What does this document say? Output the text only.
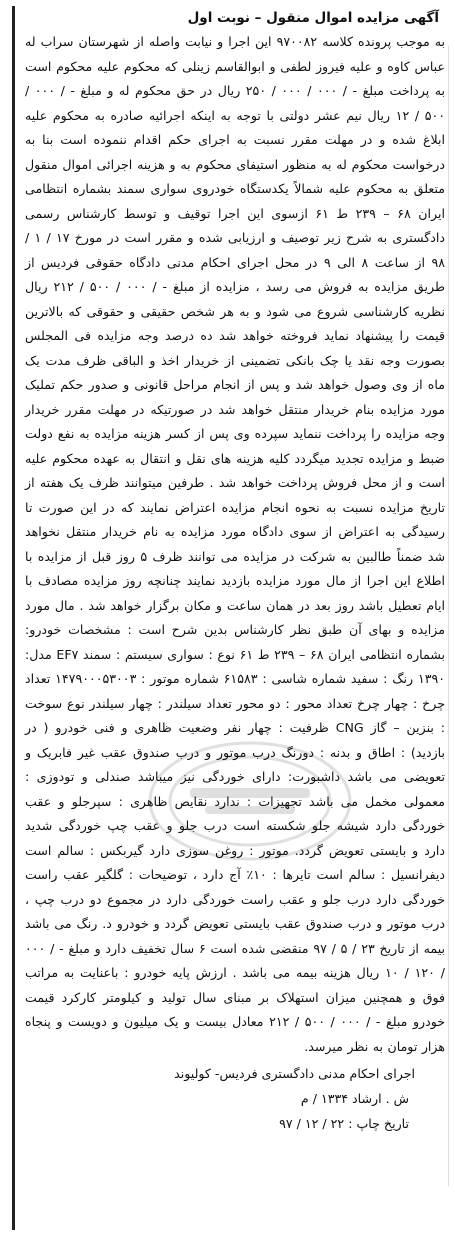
آگهی مزایده اموال منقول – نوبت اول

به موجب پرونده کلاسه ۹۷۰۰۸۲ این اجرا و نیابت واصله از شهرستان سراب له عباس کاوه و علیه فیروز لطفی و ابوالقاسم زینلی که محکوم علیه محکوم است به پرداخت مبلغ - / ۰۰۰ / ۰۰۰ / ۲۵۰ ریال در حق محکوم له و مبلغ - / ۰۰۰ / ۵۰۰ / ۱۲ ریال نیم عشر دولتی با توجه به اینکه اجرائیه صادره به محکوم علیه ابلاغ شده و در مهلت مقرر نسبت به اجرای حکم اقدام ننموده است بنا به درخواست محکوم له به منظور استیفای محکوم به و هزینه اجرائی اموال منقول متعلق به محکوم علیه شمالاً یکدستگاه خودروی سواری سمند بشماره انتظامی ایران ۶۸ – ۲۳۹ ط ۶۱ ازسوی این اجرا توقیف و توسط کارشناس رسمی دادگستری به شرح زیر توصیف و ارزیابی شده و مقرر است در مورخ ۱۷ / ۱ / ۹۸ از ساعت ۸ الی ۹ در محل اجرای احکام مدنی دادگاه حقوقی فردیس از طریق مزایده به فروش می رسد ، مزایده از مبلغ - / ۰۰۰ / ۵۰۰ / ۲۱۲ ریال نظریه کارشناسی شروع می شود و به هر شخص حقیقی و حقوقی که بالاترین قیمت را پیشنهاد نماید فروخته خواهد شد ده درصد وجه مزایده فی المجلس بصورت وجه نقد یا چک بانکی تضمینی از خریدار اخذ و الباقی ظرف مدت یک ماه از وی وصول خواهد شد و پس از انجام مراحل قانونی و صدور حکم تملیک مورد مزایده بنام خریدار منتقل خواهد شد در صورتیکه در مهلت مقرر خریدار وجه مزایده را پرداخت ننماید سپرده وی پس از کسر هزینه مزایده به نفع دولت ضبط و مزایده تجدید میگردد کلیه هزینه های نقل و انتقال به عهده محکوم علیه است و از محل فروش پرداخت خواهد شد . طرفین میتوانند ظرف یک هفته از تاریخ مزایده نسبت به نحوه انجام مزایده اعتراض نمایند که در این صورت تا رسیدگی به اعتراض از سوی دادگاه مورد مزایده به نام خریدار منتقل نخواهد شد ضمناً طالبین به شرکت در مزایده می توانند ظرف ۵ روز قبل از مزایده با اطلاع این اجرا از مال مورد مزایده بازدید نمایند چنانچه روز مزایده مصادف با ایام تعطیل باشد روز بعد در همان ساعت و مکان برگزار خواهد شد . مال مورد مزایده و بهای آن طبق نظر کارشناس بدین شرح است : مشخصات خودرو: بشماره انتظامی ایران ۶۸ – ۲۳۹ ط ۶۱ نوع : سواری سیستم : سمند EF۷ مدل: ۱۳۹۰ رنگ : سفید شماره شاسی : ۶۱۵۸۳ شماره موتور : ۱۴۷۹۰۰۰۵۳۰۰۳ تعداد چرخ : چهار چرخ تعداد محور : دو محور تعداد سیلندر : چهار سیلندر نوع سوخت : بنزین – گاز CNG ظرفیت : چهار نفر وضعیت ظاهری و فنی خودرو ( در بازدید) : اطاق و بدنه : دورنگ درب موتور و درب صندوق عقب غیر فابریک و تعویضی می باشد داشبورت: دارای خوردگی نیز میباشد صندلی و تودوزی : معمولی مخمل می باشد تجهیزات : ندارد نقایص ظاهری : سپرجلو و عقب خوردگی دارد شیشه جلو شکسته است درب جلو و عقب چپ خوردگی شدید دارد و بایستی تعویض گردد. موتور : روغن سوزی دارد گیربکس : سالم است دیفرانسیل : سالم است تایرها : ۱۰٪ آج دارد ، توضیحات : گلگیر عقب راست خوردگی دارد درب جلو و عقب راست خوردگی دارد در مجموع دو درب چپ ، درب موتور و درب صندوق عقب بایستی تعویض گردد و خودرو د. رنگ می باشد بیمه از تاریخ ۲۳ / ۵ / ۹۷ منقضی شده است ۶ سال تخفیف دارد و مبلغ - / ۰۰۰ / ۱۲۰ / ۱۰ ریال هزینه بیمه می باشد . ارزش پایه خودرو : باعنایت به مراتب فوق و همچنین میزان استهلاک بر مبنای سال تولید و کیلومتر کارکرد قیمت خودرو مبلغ - / ۰۰۰ / ۵۰۰ / ۲۱۲ معادل بیست و یک میلیون و دویست و پنجاه هزار تومان به نظر میرسد.

اجرای احکام مدنی دادگستری فردیس- کوليوند

ش . ارشاد ۱۳۳۴ / م

تاریخ چاپ : ۲۲ / ۱۲ / ۹۷
